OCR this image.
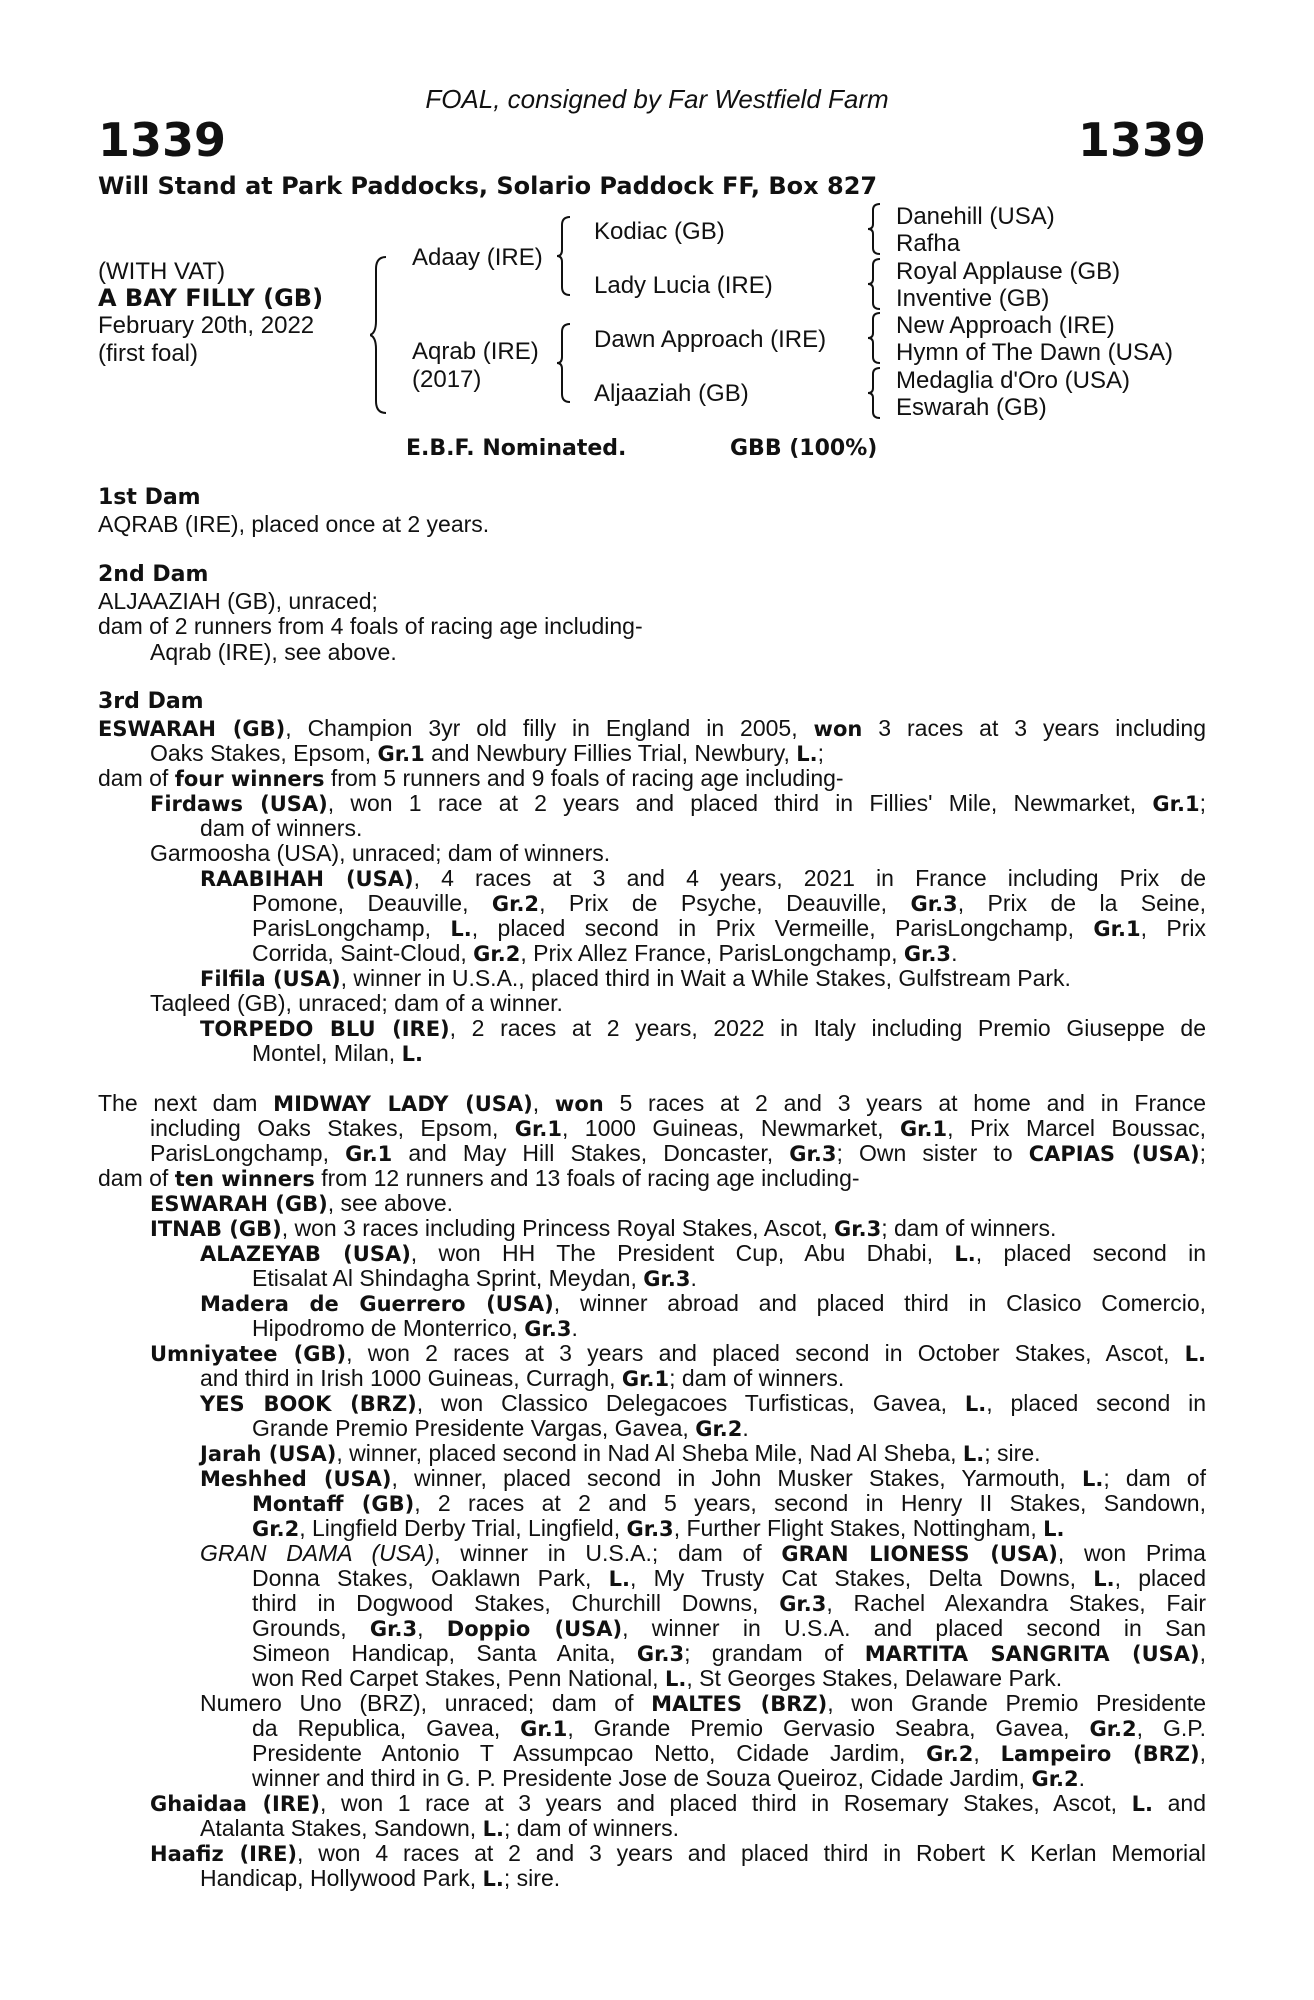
FOAL, consigned by Far Westfield Farm
1339	1339
Will Stand at Park Paddocks, Solario Paddock FF, Box 827
(WITH VAT)
A BAY FILLY (GB)
February 20th, 2022
(first foal)
Adaay (IRE)
Aqrab (IRE)
(2017)
Kodiac (GB)
Lady Lucia (IRE)
Dawn Approach (IRE)
Aljaaziah (GB)
Danehill (USA)
Rafha
Royal Applause (GB)
Inventive (GB)
New Approach (IRE)
Hymn of The Dawn (USA)
Medaglia d'Oro (USA)
Eswarah (GB)
E.B.F. Nominated.	GBB (100%)
1st Dam
AQRAB (IRE), placed once at 2 years.
2nd Dam
ALJAAZIAH (GB), unraced;
dam of 2 runners from 4 foals of racing age including-
Aqrab (IRE), see above.
3rd Dam
ESWARAH (GB), Champion 3yr old filly in England in 2005, won 3 races at 3 years including
Oaks Stakes, Epsom, Gr.1 and Newbury Fillies Trial, Newbury, L.;
dam of four winners from 5 runners and 9 foals of racing age including-
Firdaws (USA), won 1 race at 2 years and placed third in Fillies' Mile, Newmarket, Gr.1;
dam of winners.
Garmoosha (USA), unraced; dam of winners.
RAABIHAH (USA), 4 races at 3 and 4 years, 2021 in France including Prix de
Pomone, Deauville, Gr.2, Prix de Psyche, Deauville, Gr.3, Prix de la Seine,
ParisLongchamp, L., placed second in Prix Vermeille, ParisLongchamp, Gr.1, Prix
Corrida, Saint-Cloud, Gr.2, Prix Allez France, ParisLongchamp, Gr.3.
Filfila (USA), winner in U.S.A., placed third in Wait a While Stakes, Gulfstream Park.
Taqleed (GB), unraced; dam of a winner.
TORPEDO BLU (IRE), 2 races at 2 years, 2022 in Italy including Premio Giuseppe de
Montel, Milan, L.
The next dam MIDWAY LADY (USA), won 5 races at 2 and 3 years at home and in France
including Oaks Stakes, Epsom, Gr.1, 1000 Guineas, Newmarket, Gr.1, Prix Marcel Boussac,
ParisLongchamp, Gr.1 and May Hill Stakes, Doncaster, Gr.3; Own sister to CAPIAS (USA);
dam of ten winners from 12 runners and 13 foals of racing age including-
ESWARAH (GB), see above.
ITNAB (GB), won 3 races including Princess Royal Stakes, Ascot, Gr.3; dam of winners.
ALAZEYAB (USA), won HH The President Cup, Abu Dhabi, L., placed second in
Etisalat Al Shindagha Sprint, Meydan, Gr.3.
Madera de Guerrero (USA), winner abroad and placed third in Clasico Comercio,
Hipodromo de Monterrico, Gr.3.
Umniyatee (GB), won 2 races at 3 years and placed second in October Stakes, Ascot, L.
and third in Irish 1000 Guineas, Curragh, Gr.1; dam of winners.
YES BOOK (BRZ), won Classico Delegacoes Turfisticas, Gavea, L., placed second in
Grande Premio Presidente Vargas, Gavea, Gr.2.
Jarah (USA), winner, placed second in Nad Al Sheba Mile, Nad Al Sheba, L.; sire.
Meshhed (USA), winner, placed second in John Musker Stakes, Yarmouth, L.; dam of
Montaff (GB), 2 races at 2 and 5 years, second in Henry II Stakes, Sandown,
Gr.2, Lingfield Derby Trial, Lingfield, Gr.3, Further Flight Stakes, Nottingham, L.
GRAN DAMA (USA), winner in U.S.A.; dam of GRAN LIONESS (USA), won Prima
Donna Stakes, Oaklawn Park, L., My Trusty Cat Stakes, Delta Downs, L., placed
third in Dogwood Stakes, Churchill Downs, Gr.3, Rachel Alexandra Stakes, Fair
Grounds, Gr.3, Doppio (USA), winner in U.S.A. and placed second in San
Simeon Handicap, Santa Anita, Gr.3; grandam of MARTITA SANGRITA (USA),
won Red Carpet Stakes, Penn National, L., St Georges Stakes, Delaware Park.
Numero Uno (BRZ), unraced; dam of MALTES (BRZ), won Grande Premio Presidente
da Republica, Gavea, Gr.1, Grande Premio Gervasio Seabra, Gavea, Gr.2, G.P.
Presidente Antonio T Assumpcao Netto, Cidade Jardim, Gr.2, Lampeiro (BRZ),
winner and third in G. P. Presidente Jose de Souza Queiroz, Cidade Jardim, Gr.2.
Ghaidaa (IRE), won 1 race at 3 years and placed third in Rosemary Stakes, Ascot, L. and
Atalanta Stakes, Sandown, L.; dam of winners.
Haafiz (IRE), won 4 races at 2 and 3 years and placed third in Robert K Kerlan Memorial
Handicap, Hollywood Park, L.; sire.
